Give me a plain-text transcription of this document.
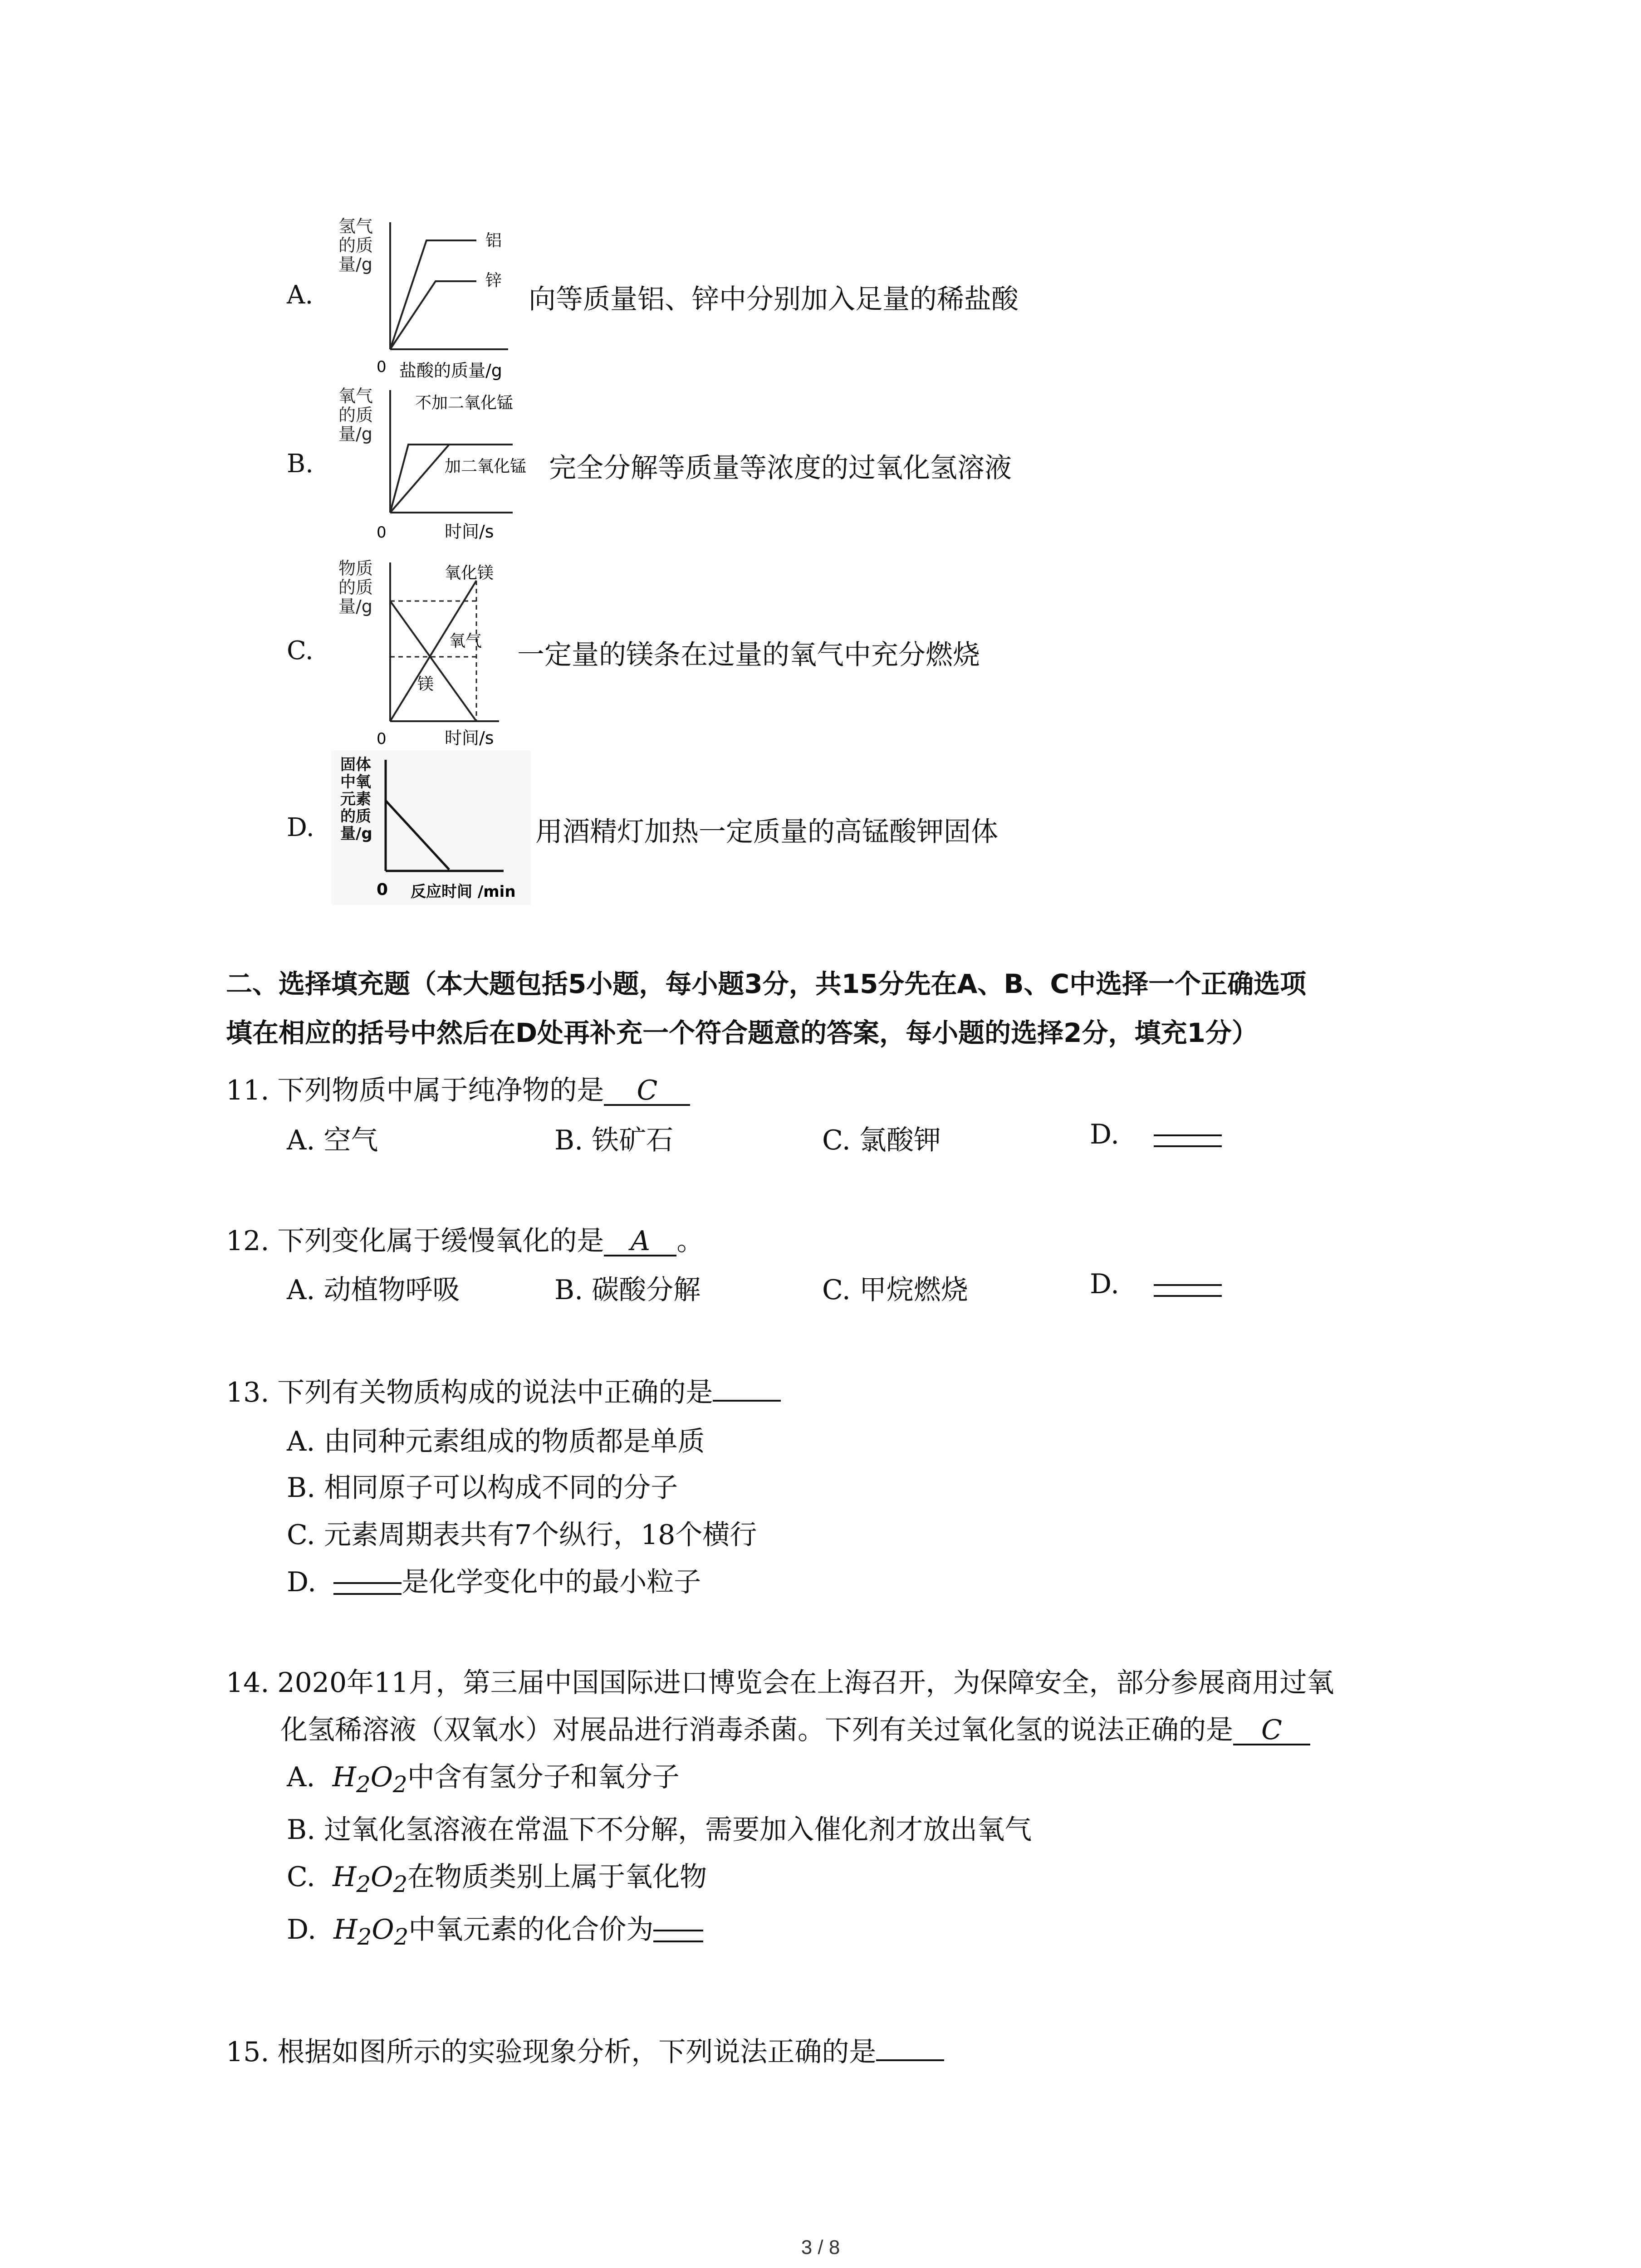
A.
氢气
的质
量/g
铝
锌
0 盐酸的质量/g
向等质量铝、锌中分别加入足量的稀盐酸
B.
氧气
的质
量/g
不加二氧化锰
加二氧化锰
0	时间/s
完全分解等质量等浓度的过氧化氢溶液
C.
物质
的质
量/g
氧化镁
氧气
镁
0	时间/s
一定量的镁条在过量的氧气中充分燃烧
D.
固体
中氧
元素
的质
量/g
0 反应时间 /min
用酒精灯加热一定质量的高锰酸钾固体
二、选择填充题（本大题包括5小题，每小题3分，共15分先在A、B、C中选择一个正确选项
填在相应的括号中然后在D处再补充一个符合题意的答案，每小题的选择2分，填充1分）
11. 下列物质中属于纯净物的是 C
A. 空气	B. 铁矿石	C. 氯酸钾	D.
12. 下列变化属于缓慢氧化的是 A 。
A. 动植物呼吸	B. 碳酸分解	C. 甲烷燃烧	D.
13. 下列有关物质构成的说法中正确的是
A. 由同种元素组成的物质都是单质
B. 相同原子可以构成不同的分子
C. 元素周期表共有7个纵行，18个横行
D.	是化学变化中的最小粒子
14. 2020年11月，第三届中国国际进口博览会在上海召开，为保障安全，部分参展商用过氧
化氢稀溶液（双氧水）对展品进行消毒杀菌。下列有关过氧化氢的说法正确的是 C
A. $H_2O_2$中含有氢分子和氧分子
B. 过氧化氢溶液在常温下不分解，需要加入催化剂才放出氧气
C. $H_2O_2$在物质类别上属于氧化物
D. $H_2O_2$中氧元素的化合价为
15. 根据如图所示的实验现象分析，下列说法正确的是
3 / 8
